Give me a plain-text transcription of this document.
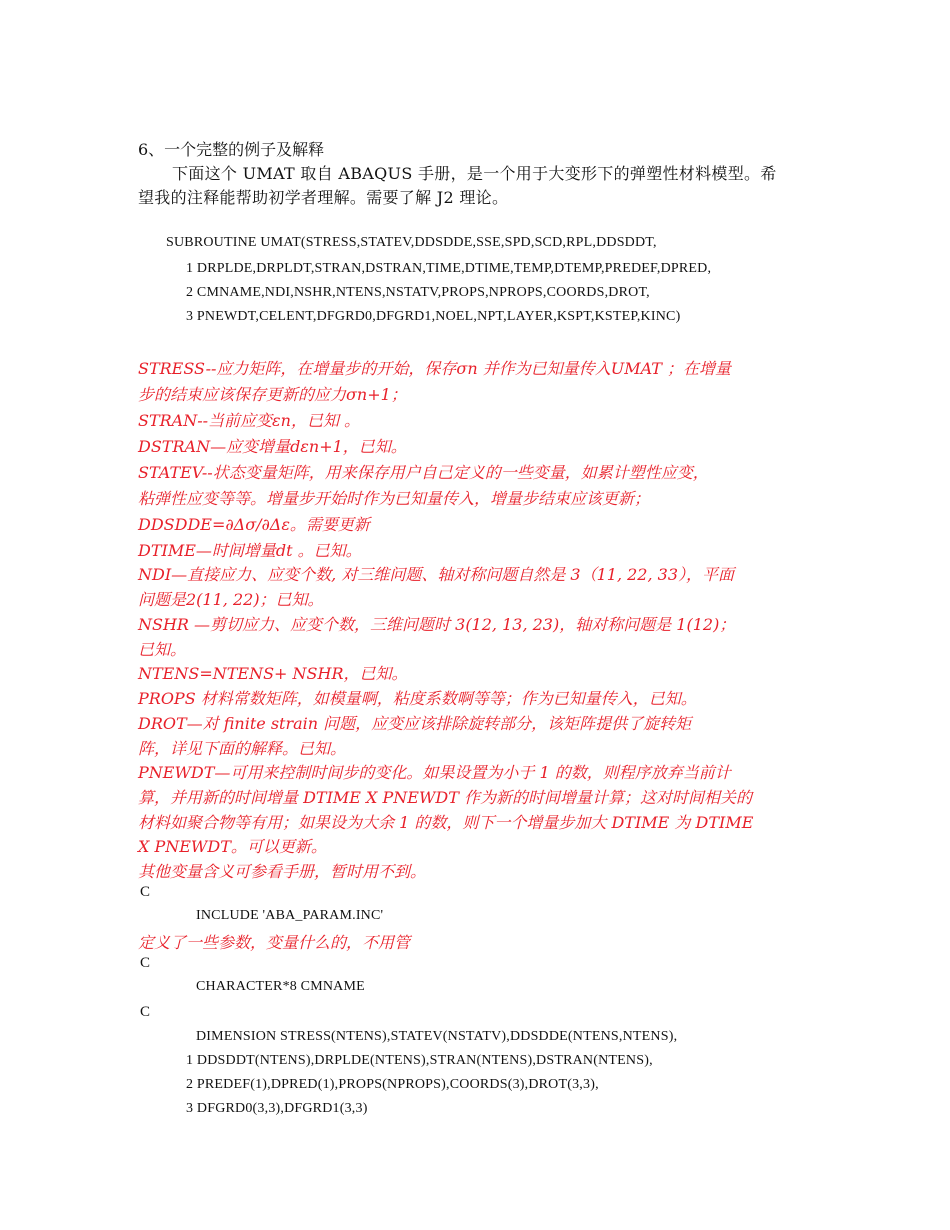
6、一个完整的例子及解释
下面这个 UMAT 取自 ABAQUS 手册，是一个用于大变形下的弹塑性材料模型。希
望我的注释能帮助初学者理解。需要了解 J2 理论。
SUBROUTINE UMAT(STRESS,STATEV,DDSDDE,SSE,SPD,SCD,RPL,DDSDDT,
1 DRPLDE,DRPLDT,STRAN,DSTRAN,TIME,DTIME,TEMP,DTEMP,PREDEF,DPRED,
2 CMNAME,NDI,NSHR,NTENS,NSTATV,PROPS,NPROPS,COORDS,DROT,
3 PNEWDT,CELENT,DFGRD0,DFGRD1,NOEL,NPT,LAYER,KSPT,KSTEP,KINC)
STRESS--应力矩阵，在增量步的开始，保存σn 并作为已知量传入UMAT ；在增量
步的结束应该保存更新的应力σn+1；
STRAN--当前应变εn，已知 。
DSTRAN—应变增量dεn+1，已知。
STATEV--状态变量矩阵，用来保存用户自己定义的一些变量，如累计塑性应变，
粘弹性应变等等。增量步开始时作为已知量传入，增量步结束应该更新；
DDSDDE=∂Δσ/∂Δε。需要更新
DTIME—时间增量dt 。已知。
NDI—直接应力、应变个数, 对三维问题、轴对称问题自然是 3（11, 22, 33），平面
问题是2(11, 22)；已知。
NSHR —剪切应力、应变个数，三维问题时 3(12, 13, 23)，轴对称问题是 1(12)；
已知。
NTENS=NTENS+ NSHR，已知。
PROPS 材料常数矩阵，如模量啊，粘度系数啊等等；作为已知量传入，已知。
DROT—对 finite strain 问题，应变应该排除旋转部分，该矩阵提供了旋转矩
阵，详见下面的解释。已知。
PNEWDT—可用来控制时间步的变化。如果设置为小于 1 的数，则程序放弃当前计
算，并用新的时间增量 DTIME X PNEWDT 作为新的时间增量计算；这对时间相关的
材料如聚合物等有用；如果设为大余 1 的数，则下一个增量步加大 DTIME 为 DTIME
X PNEWDT。可以更新。
其他变量含义可参看手册，暂时用不到。
C
INCLUDE 'ABA_PARAM.INC'
定义了一些参数，变量什么的，不用管
C
CHARACTER*8 CMNAME
C
DIMENSION STRESS(NTENS),STATEV(NSTATV),DDSDDE(NTENS,NTENS),
1 DDSDDT(NTENS),DRPLDE(NTENS),STRAN(NTENS),DSTRAN(NTENS),
2 PREDEF(1),DPRED(1),PROPS(NPROPS),COORDS(3),DROT(3,3),
3 DFGRD0(3,3),DFGRD1(3,3)
